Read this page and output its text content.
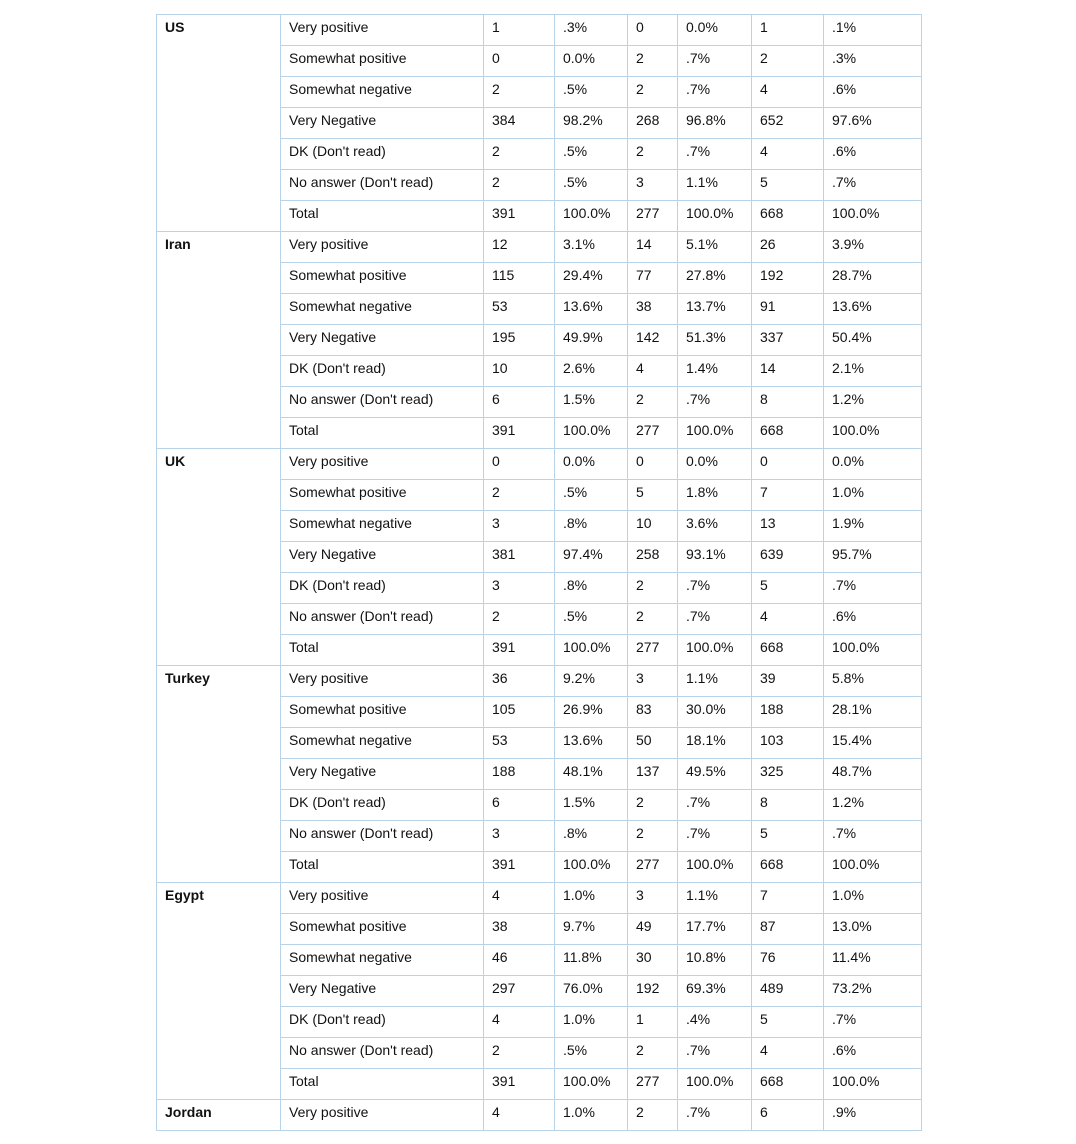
US	Very positive	1	.3%	0	0.0%	1	.1%
	Somewhat positive	0	0.0%	2	.7%	2	.3%
	Somewhat negative	2	.5%	2	.7%	4	.6%
	Very Negative	384	98.2%	268	96.8%	652	97.6%
	DK (Don't read)	2	.5%	2	.7%	4	.6%
	No answer (Don't read)	2	.5%	3	1.1%	5	.7%
	Total	391	100.0%	277	100.0%	668	100.0%
Iran	Very positive	12	3.1%	14	5.1%	26	3.9%
	Somewhat positive	115	29.4%	77	27.8%	192	28.7%
	Somewhat negative	53	13.6%	38	13.7%	91	13.6%
	Very Negative	195	49.9%	142	51.3%	337	50.4%
	DK (Don't read)	10	2.6%	4	1.4%	14	2.1%
	No answer (Don't read)	6	1.5%	2	.7%	8	1.2%
	Total	391	100.0%	277	100.0%	668	100.0%
UK	Very positive	0	0.0%	0	0.0%	0	0.0%
	Somewhat positive	2	.5%	5	1.8%	7	1.0%
	Somewhat negative	3	.8%	10	3.6%	13	1.9%
	Very Negative	381	97.4%	258	93.1%	639	95.7%
	DK (Don't read)	3	.8%	2	.7%	5	.7%
	No answer (Don't read)	2	.5%	2	.7%	4	.6%
	Total	391	100.0%	277	100.0%	668	100.0%
Turkey	Very positive	36	9.2%	3	1.1%	39	5.8%
	Somewhat positive	105	26.9%	83	30.0%	188	28.1%
	Somewhat negative	53	13.6%	50	18.1%	103	15.4%
	Very Negative	188	48.1%	137	49.5%	325	48.7%
	DK (Don't read)	6	1.5%	2	.7%	8	1.2%
	No answer (Don't read)	3	.8%	2	.7%	5	.7%
	Total	391	100.0%	277	100.0%	668	100.0%
Egypt	Very positive	4	1.0%	3	1.1%	7	1.0%
	Somewhat positive	38	9.7%	49	17.7%	87	13.0%
	Somewhat negative	46	11.8%	30	10.8%	76	11.4%
	Very Negative	297	76.0%	192	69.3%	489	73.2%
	DK (Don't read)	4	1.0%	1	.4%	5	.7%
	No answer (Don't read)	2	.5%	2	.7%	4	.6%
	Total	391	100.0%	277	100.0%	668	100.0%
Jordan	Very positive	4	1.0%	2	.7%	6	.9%
